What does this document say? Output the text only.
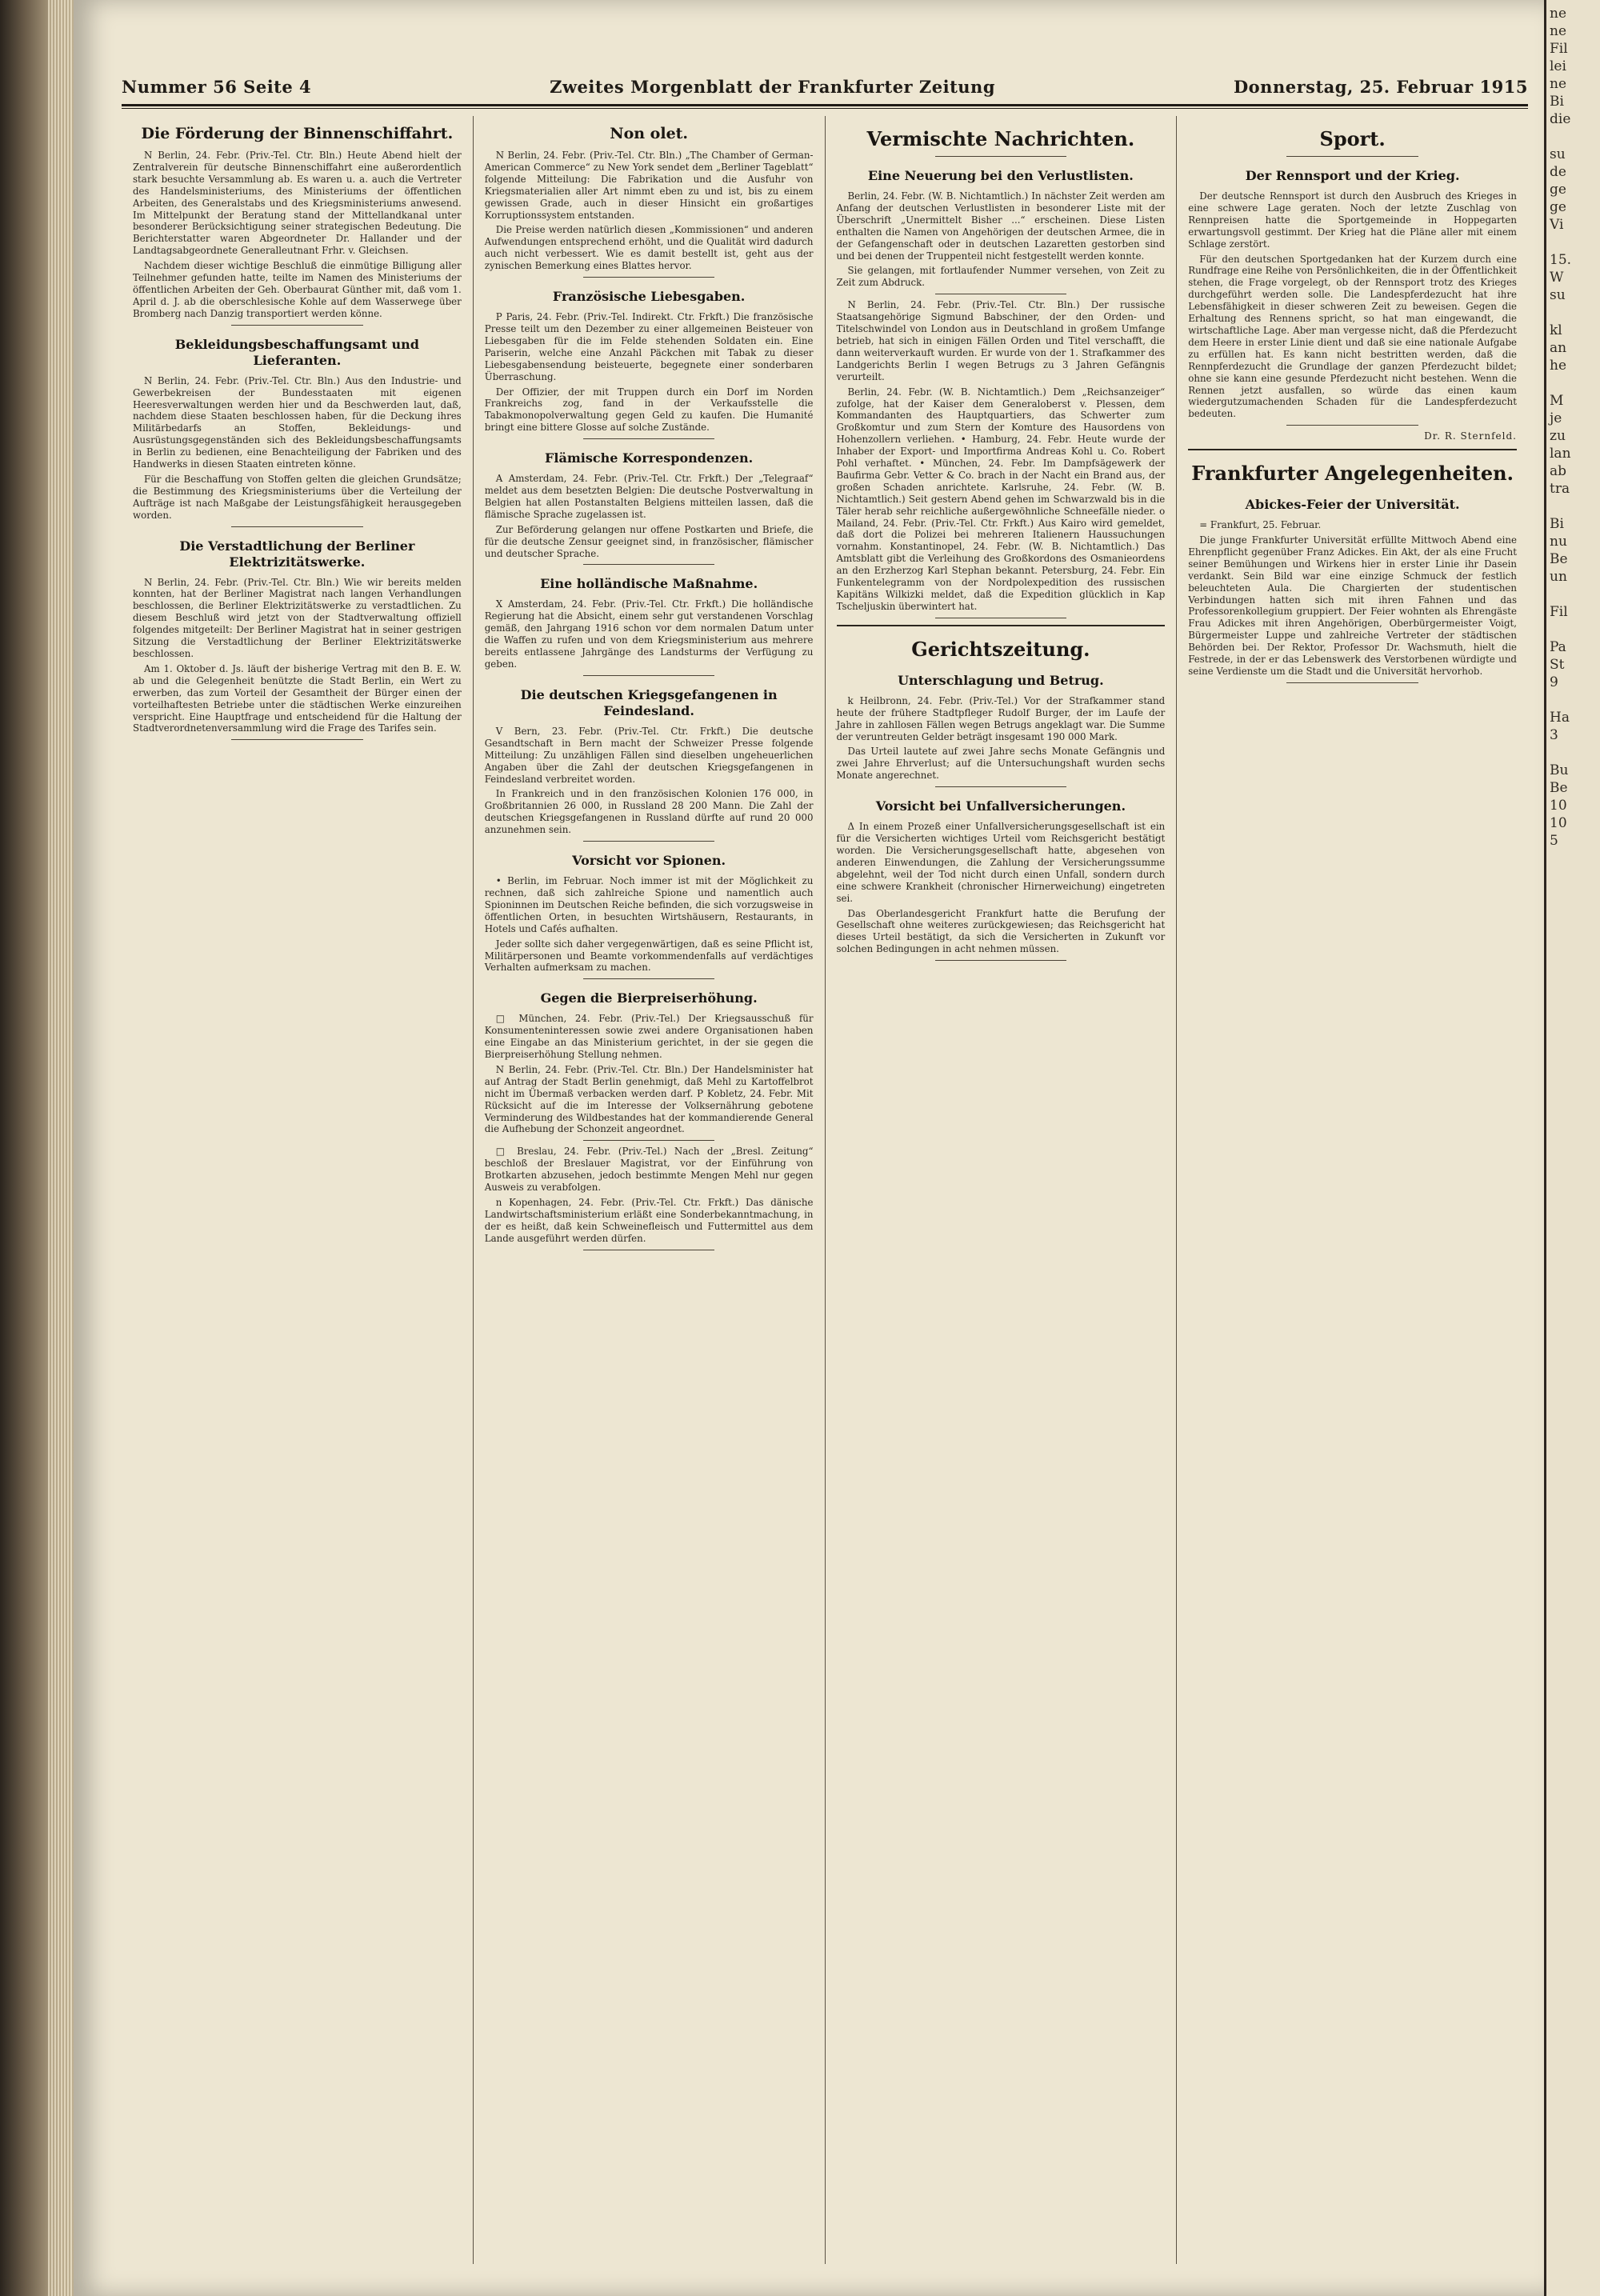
Nummer 56 Seite 4	Zweites Morgenblatt der Frankfurter Zeitung	Donnerstag, 25. Februar 1915
Die Förderung der Binnenschiffahrt.

N Berlin, 24. Febr. (Priv.-Tel. Ctr. Bln.) Heute Abend hielt der Zentralverein für deutsche Binnenschiffahrt eine außerordentlich stark besuchte Versammlung ab. Es waren u. a. auch die Vertreter des Handelsministeriums, des Ministeriums der öffentlichen Arbeiten, des Generalstabs und des Kriegsministeriums anwesend. Im Mittelpunkt der Beratung stand der Mittellandkanal unter besonderer Berücksichtigung seiner strategischen Bedeutung. Die Berichterstatter waren Abgeordneter Dr. Hallander und der Landtagsabgeordnete Generalleutnant Frhr. v. Gleichsen.

Nachdem dieser wichtige Beschluß die einmütige Billigung aller Teilnehmer gefunden hatte, teilte im Namen des Ministeriums der öffentlichen Arbeiten der Geh. Oberbaurat Günther mit, daß vom 1. April d. J. ab die oberschlesische Kohle auf dem Wasserwege über Bromberg nach Danzig transportiert werden könne.

Bekleidungsbeschaffungsamt und Lieferanten.

N Berlin, 24. Febr. (Priv.-Tel. Ctr. Bln.) Aus den Industrie- und Gewerbekreisen der Bundesstaaten mit eigenen Heeresverwaltungen werden hier und da Beschwerden laut, daß, nachdem diese Staaten beschlossen haben, für die Deckung ihres Militärbedarfs an Stoffen, Bekleidungs- und Ausrüstungsgegenständen sich des Bekleidungsbeschaffungsamts in Berlin zu bedienen, eine Benachteiligung der Fabriken und des Handwerks in diesen Staaten eintreten könne.

Für die Beschaffung von Stoffen gelten die gleichen Grundsätze; die Bestimmung des Kriegsministeriums über die Verteilung der Aufträge ist nach Maßgabe der Leistungsfähigkeit herausgegeben worden.

Die Verstadtlichung der Berliner Elektrizitätswerke.

N Berlin, 24. Febr. (Priv.-Tel. Ctr. Bln.) Wie wir bereits melden konnten, hat der Berliner Magistrat nach langen Verhandlungen beschlossen, die Berliner Elektrizitätswerke zu verstadtlichen. Zu diesem Beschluß wird jetzt von der Stadtverwaltung offiziell folgendes mitgeteilt: Der Berliner Magistrat hat in seiner gestrigen Sitzung die Verstadtlichung der Berliner Elektrizitätswerke beschlossen.

Am 1. Oktober d. Js. läuft der bisherige Vertrag mit den B. E. W. ab und die Gelegenheit benützte die Stadt Berlin, ein Wert zu erwerben, das zum Vorteil der Gesamtheit der Bürger einen der vorteilhaftesten Betriebe unter die städtischen Werke einzureihen verspricht. Eine Hauptfrage und entscheidend für die Haltung der Stadtverordnetenversammlung wird die Frage des Tarifes sein.

Non olet.

N Berlin, 24. Febr. (Priv.-Tel. Ctr. Bln.) „The Chamber of German-American Commerce“ zu New York sendet dem „Berliner Tageblatt“ folgende Mitteilung: Die Fabrikation und die Ausfuhr von Kriegsmaterialien aller Art nimmt eben zu und ist, bis zu einem gewissen Grade, auch in dieser Hinsicht ein großartiges Korruptionssystem entstanden.

Die Preise werden natürlich diesen „Kommissionen“ und anderen Aufwendungen entsprechend erhöht, und die Qualität wird dadurch auch nicht verbessert. Wie es damit bestellt ist, geht aus der zynischen Bemerkung eines Blattes hervor.

Französische Liebesgaben.

P Paris, 24. Febr. (Priv.-Tel. Indirekt. Ctr. Frkft.) Die französische Presse teilt um den Dezember zu einer allgemeinen Beisteuer von Liebesgaben für die im Felde stehenden Soldaten ein. Eine Pariserin, welche eine Anzahl Päckchen mit Tabak zu dieser Liebesgabensendung beisteuerte, begegnete einer sonderbaren Überraschung.

Der Offizier, der mit Truppen durch ein Dorf im Norden Frankreichs zog, fand in der Verkaufsstelle die Tabakmonopolverwaltung gegen Geld zu kaufen. Die Humanité bringt eine bittere Glosse auf solche Zustände.

Flämische Korrespondenzen.

A Amsterdam, 24. Febr. (Priv.-Tel. Ctr. Frkft.) Der „Telegraaf“ meldet aus dem besetzten Belgien: Die deutsche Postverwaltung in Belgien hat allen Postanstalten Belgiens mitteilen lassen, daß die flämische Sprache zugelassen ist.

Zur Beförderung gelangen nur offene Postkarten und Briefe, die für die deutsche Zensur geeignet sind, in französischer, flämischer und deutscher Sprache.

Eine holländische Maßnahme.

X Amsterdam, 24. Febr. (Priv.-Tel. Ctr. Frkft.) Die holländische Regierung hat die Absicht, einem sehr gut verstandenen Vorschlag gemäß, den Jahrgang 1916 schon vor dem normalen Datum unter die Waffen zu rufen und von dem Kriegsministerium aus mehrere bereits entlassene Jahrgänge des Landsturms der Verfügung zu geben.

Die deutschen Kriegsgefangenen in Feindesland.

V Bern, 23. Febr. (Priv.-Tel. Ctr. Frkft.) Die deutsche Gesandtschaft in Bern macht der Schweizer Presse folgende Mitteilung: Zu unzähligen Fällen sind dieselben ungeheuerlichen Angaben über die Zahl der deutschen Kriegsgefangenen in Feindesland verbreitet worden.

In Frankreich und in den französischen Kolonien 176 000, in Großbritannien 26 000, in Russland 28 200 Mann. Die Zahl der deutschen Kriegsgefangenen in Russland dürfte auf rund 20 000 anzunehmen sein.

Vorsicht vor Spionen.

• Berlin, im Februar. Noch immer ist mit der Möglichkeit zu rechnen, daß sich zahlreiche Spione und namentlich auch Spioninnen im Deutschen Reiche befinden, die sich vorzugsweise in öffentlichen Orten, in besuchten Wirtshäusern, Restaurants, in Hotels und Cafés aufhalten.

Jeder sollte sich daher vergegenwärtigen, daß es seine Pflicht ist, Militärpersonen und Beamte vorkommendenfalls auf verdächtiges Verhalten aufmerksam zu machen.

Gegen die Bierpreiserhöhung.

□ München, 24. Febr. (Priv.-Tel.) Der Kriegsausschuß für Konsumenteninteressen sowie zwei andere Organisationen haben eine Eingabe an das Ministerium gerichtet, in der sie gegen die Bierpreiserhöhung Stellung nehmen.

N Berlin, 24. Febr. (Priv.-Tel. Ctr. Bln.) Der Handelsminister hat auf Antrag der Stadt Berlin genehmigt, daß Mehl zu Kartoffelbrot nicht im Übermaß verbacken werden darf. P Kobletz, 24. Febr. Mit Rücksicht auf die im Interesse der Volksernährung gebotene Verminderung des Wildbestandes hat der kommandierende General die Aufhebung der Schonzeit angeordnet.

□ Breslau, 24. Febr. (Priv.-Tel.) Nach der „Bresl. Zeitung“ beschloß der Breslauer Magistrat, vor der Einführung von Brotkarten abzusehen, jedoch bestimmte Mengen Mehl nur gegen Ausweis zu verabfolgen.

n Kopenhagen, 24. Febr. (Priv.-Tel. Ctr. Frkft.) Das dänische Landwirtschaftsministerium erläßt eine Sonderbekanntmachung, in der es heißt, daß kein Schweinefleisch und Futtermittel aus dem Lande ausgeführt werden dürfen.

Vermischte Nachrichten.
Eine Neuerung bei den Verlustlisten.

Berlin, 24. Febr. (W. B. Nichtamtlich.) In nächster Zeit werden am Anfang der deutschen Verlustlisten in besonderer Liste mit der Überschrift „Unermittelt Bisher ...“ erscheinen. Diese Listen enthalten die Namen von Angehörigen der deutschen Armee, die in der Gefangenschaft oder in deutschen Lazaretten gestorben sind und bei denen der Truppenteil nicht festgestellt werden konnte.

Sie gelangen, mit fortlaufender Nummer versehen, von Zeit zu Zeit zum Abdruck.

N Berlin, 24. Febr. (Priv.-Tel. Ctr. Bln.) Der russische Staatsangehörige Sigmund Babschiner, der den Orden- und Titelschwindel von London aus in Deutschland in großem Umfange betrieb, hat sich in einigen Fällen Orden und Titel verschafft, die dann weiterverkauft wurden. Er wurde von der 1. Strafkammer des Landgerichts Berlin I wegen Betrugs zu 3 Jahren Gefängnis verurteilt.

Berlin, 24. Febr. (W. B. Nichtamtlich.) Dem „Reichsanzeiger“ zufolge, hat der Kaiser dem Generaloberst v. Plessen, dem Kommandanten des Hauptquartiers, das Schwerter zum Großkomtur und zum Stern der Komture des Hausordens von Hohenzollern verliehen. • Hamburg, 24. Febr. Heute wurde der Inhaber der Export- und Importfirma Andreas Kohl u. Co. Robert Pohl verhaftet. • München, 24. Febr. Im Dampfsägewerk der Baufirma Gebr. Vetter & Co. brach in der Nacht ein Brand aus, der großen Schaden anrichtete. Karlsruhe, 24. Febr. (W. B. Nichtamtlich.) Seit gestern Abend gehen im Schwarzwald bis in die Täler herab sehr reichliche außergewöhnliche Schneefälle nieder. o Mailand, 24. Febr. (Priv.-Tel. Ctr. Frkft.) Aus Kairo wird gemeldet, daß dort die Polizei bei mehreren Italienern Haussuchungen vornahm. Konstantinopel, 24. Febr. (W. B. Nichtamtlich.) Das Amtsblatt gibt die Verleihung des Großkordons des Osmanieordens an den Erzherzog Karl Stephan bekannt. Petersburg, 24. Febr. Ein Funkentelegramm von der Nordpolexpedition des russischen Kapitäns Wilkizki meldet, daß die Expedition glücklich in Kap Tscheljuskin überwintert hat.

Gerichtszeitung.
Unterschlagung und Betrug.

k Heilbronn, 24. Febr. (Priv.-Tel.) Vor der Strafkammer stand heute der frühere Stadtpfleger Rudolf Burger, der im Laufe der Jahre in zahllosen Fällen wegen Betrugs angeklagt war. Die Summe der veruntreuten Gelder beträgt insgesamt 190 000 Mark.

Das Urteil lautete auf zwei Jahre sechs Monate Gefängnis und zwei Jahre Ehrverlust; auf die Untersuchungshaft wurden sechs Monate angerechnet.

Vorsicht bei Unfallversicherungen.

Δ In einem Prozeß einer Unfallversicherungsgesellschaft ist ein für die Versicherten wichtiges Urteil vom Reichsgericht bestätigt worden. Die Versicherungsgesellschaft hatte, abgesehen von anderen Einwendungen, die Zahlung der Versicherungssumme abgelehnt, weil der Tod nicht durch einen Unfall, sondern durch eine schwere Krankheit (chronischer Hirnerweichung) eingetreten sei.

Das Oberlandesgericht Frankfurt hatte die Berufung der Gesellschaft ohne weiteres zurückgewiesen; das Reichsgericht hat dieses Urteil bestätigt, da sich die Versicherten in Zukunft vor solchen Bedingungen in acht nehmen müssen.

Sport.
Der Rennsport und der Krieg.

Der deutsche Rennsport ist durch den Ausbruch des Krieges in eine schwere Lage geraten. Noch der letzte Zuschlag von Rennpreisen hatte die Sportgemeinde in Hoppegarten erwartungsvoll gestimmt. Der Krieg hat die Pläne aller mit einem Schlage zerstört.

Für den deutschen Sportgedanken hat der Kurzem durch eine Rundfrage eine Reihe von Persönlichkeiten, die in der Öffentlichkeit stehen, die Frage vorgelegt, ob der Rennsport trotz des Krieges durchgeführt werden solle. Die Landespferdezucht hat ihre Lebensfähigkeit in dieser schweren Zeit zu beweisen. Gegen die Erhaltung des Rennens spricht, so hat man eingewandt, die wirtschaftliche Lage. Aber man vergesse nicht, daß die Pferdezucht dem Heere in erster Linie dient und daß sie eine nationale Aufgabe zu erfüllen hat. Es kann nicht bestritten werden, daß die Rennpferdezucht die Grundlage der ganzen Pferdezucht bildet; ohne sie kann eine gesunde Pferdezucht nicht bestehen. Wenn die Rennen jetzt ausfallen, so würde das einen kaum wiedergutzumachenden Schaden für die Landespferdezucht bedeuten.

Dr. R. Sternfeld.
Frankfurter Angelegenheiten.
Abickes-Feier der Universität.

= Frankfurt, 25. Februar.

Die junge Frankfurter Universität erfüllte Mittwoch Abend eine Ehrenpflicht gegenüber Franz Adickes. Ein Akt, der als eine Frucht seiner Bemühungen und Wirkens hier in erster Linie ihr Dasein verdankt. Sein Bild war eine einzige Schmuck der festlich beleuchteten Aula. Die Chargierten der studentischen Verbindungen hatten sich mit ihren Fahnen und das Professorenkollegium gruppiert. Der Feier wohnten als Ehrengäste Frau Adickes mit ihren Angehörigen, Oberbürgermeister Voigt, Bürgermeister Luppe und zahlreiche Vertreter der städtischen Behörden bei. Der Rektor, Professor Dr. Wachsmuth, hielt die Festrede, in der er das Lebenswerk des Verstorbenen würdigte und seine Verdienste um die Stadt und die Universität hervorhob.

ne
ne
Fil
lei
ne
Bi
die

su
de
ge
ge
Vi

15.
W
su

kl
an
he

M
je
zu
lan
ab
tra

Bi
nu
Be
un

Fil

Pa
St
9

Ha
3

Bu
Be
10
10
5
